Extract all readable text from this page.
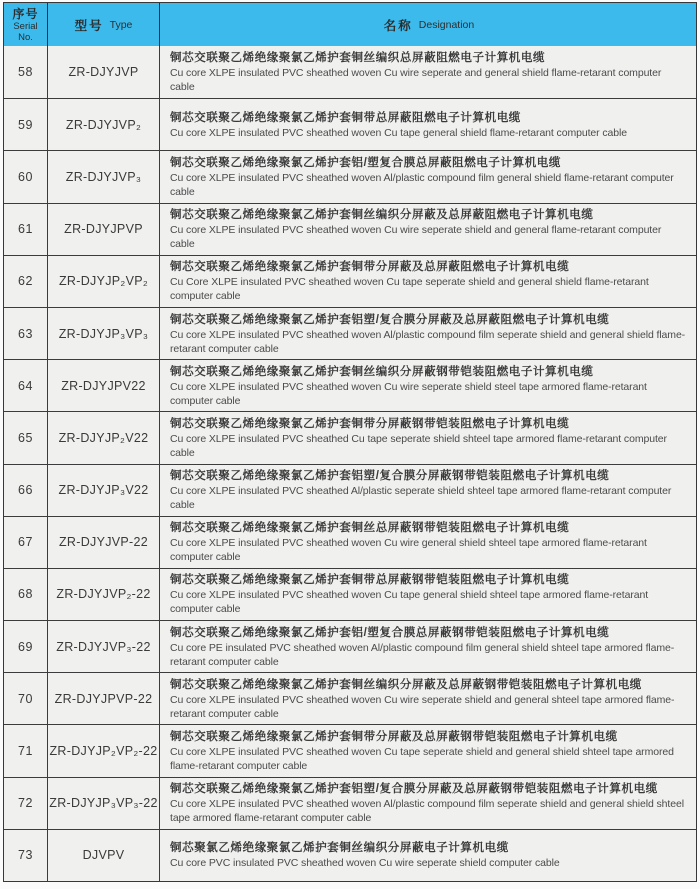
序号
Serial
No.
型号 Type	名称 Designation
58	ZR-DJYJVP
铜芯交联聚乙烯绝缘聚氯乙烯护套铜丝编织总屏蔽阻燃电子计算机电缆
Cu core XLPE insulated PVC sheathed woven Cu wire seperate and general shield flame-retarant computer cable
59	ZR-DJYJVP₂	铜芯交联聚乙烯绝缘聚氯乙烯护套铜带总屏蔽阻燃电子计算机电缆
Cu core XLPE insulated PVC sheathed woven Cu tape general shield flame-retarant computer cable
60	ZR-DJYJVP₃
铜芯交联聚乙烯绝缘聚氯乙烯护套铝/塑复合膜总屏蔽阻燃电子计算机电缆
Cu core XLPE insulated PVC sheathed woven Al/plastic compound film general shield flame-retarant computer cable
61 ZR-DJYJPVP
铜芯交联聚乙烯绝缘聚氯乙烯护套铜丝编织分屏蔽及总屏蔽阻燃电子计算机电缆
Cu core XLPE insulated PVC sheathed woven Cu wire seperate shield and general flame-retarant computer cable
62 ZR-DJYJP₂VP₂
铜芯交联聚乙烯绝缘聚氯乙烯护套铜带分屏蔽及总屏蔽阻燃电子计算机电缆
Cu Core XLPE insulated PVC sheathed woven Cu tape seperate shield and general shield flame-retarant computer cable
63 ZR-DJYJP₃VP₃
铜芯交联聚乙烯绝缘聚氯乙烯护套铝塑/复合膜分屏蔽及总屏蔽阻燃电子计算机电缆
Cu core XLPE insulated PVC sheathed woven Al/plastic compound film seperate shield and general shield flame-retarant computer cable
64 ZR-DJYJPV22
铜芯交联聚乙烯绝缘聚氯乙烯护套铜丝编织分屏蔽钢带铠装阻燃电子计算机电缆
Cu core XLPE insulated PVC sheathed woven Cu wire seperate shield steel tape armored flame-retarant computer cable
65 ZR-DJYJP₂V22
铜芯交联聚乙烯绝缘聚氯乙烯护套铜带分屏蔽钢带铠装阻燃电子计算机电缆
Cu core XLPE insulated PVC sheathed Cu tape seperate shield shteel tape armored flame-retarant computer cable
66 ZR-DJYJP₃V22
铜芯交联聚乙烯绝缘聚氯乙烯护套铝塑/复合膜分屏蔽钢带铠装阻燃电子计算机电缆
Cu core XLPE insulated PVC sheathed Al/plastic seperate shield shteel tape armored flame-retarant computer cable
67 ZR-DJYJVP-22
铜芯交联聚乙烯绝缘聚氯乙烯护套铜丝总屏蔽钢带铠装阻燃电子计算机电缆
Cu core XLPE insulated PVC sheathed woven Cu wire general shield shteel tape armored flame-retarant computer cable
68 ZR-DJYJVP₂-22
铜芯交联聚乙烯绝缘聚氯乙烯护套铜带总屏蔽钢带铠装阻燃电子计算机电缆
Cu core XLPE insulated PVC sheathed woven Cu tape general shield shteel tape armored flame-retarant computer cable
69 ZR-DJYJVP₃-22
铜芯交联聚乙烯绝缘聚氯乙烯护套铝/塑复合膜总屏蔽钢带铠装阻燃电子计算机电缆
Cu core PE insulated PVC sheathed woven Al/plastic compound film general shield shteel tape armored flame-retarant computer cable
70 ZR-DJYJPVP-22
铜芯交联聚乙烯绝缘聚氯乙烯护套铜丝编织分屏蔽及总屏蔽钢带铠装阻燃电子计算机电缆
Cu core XLPE insulated PVC sheathed woven Cu wire seperate shield and general shteel tape armored flame-retarant computer cable
71 ZR-DJYJP₂VP₂-22
铜芯交联聚乙烯绝缘聚氯乙烯护套铜带分屏蔽及总屏蔽钢带铠装阻燃电子计算机电缆
Cu core XLPE insulated PVC sheathed woven Cu tape seperate shield and general shield shteel tape armored flame-retarant computer cable
72 ZR-DJYJP₃VP₃-22
铜芯交联聚乙烯绝缘聚氯乙烯护套铝塑/复合膜分屏蔽及总屏蔽钢带铠装阻燃电子计算机电缆
Cu core XLPE insulated PVC sheathed woven Al/plastic compound film seperate shield and general shield shteel tape armored flame-retarant computer cable
73	DJVPV	铜芯聚氯乙烯绝缘聚氯乙烯护套铜丝编织分屏蔽电子计算机电缆
Cu core PVC insulated PVC sheathed woven Cu wire seperate shield computer cable
